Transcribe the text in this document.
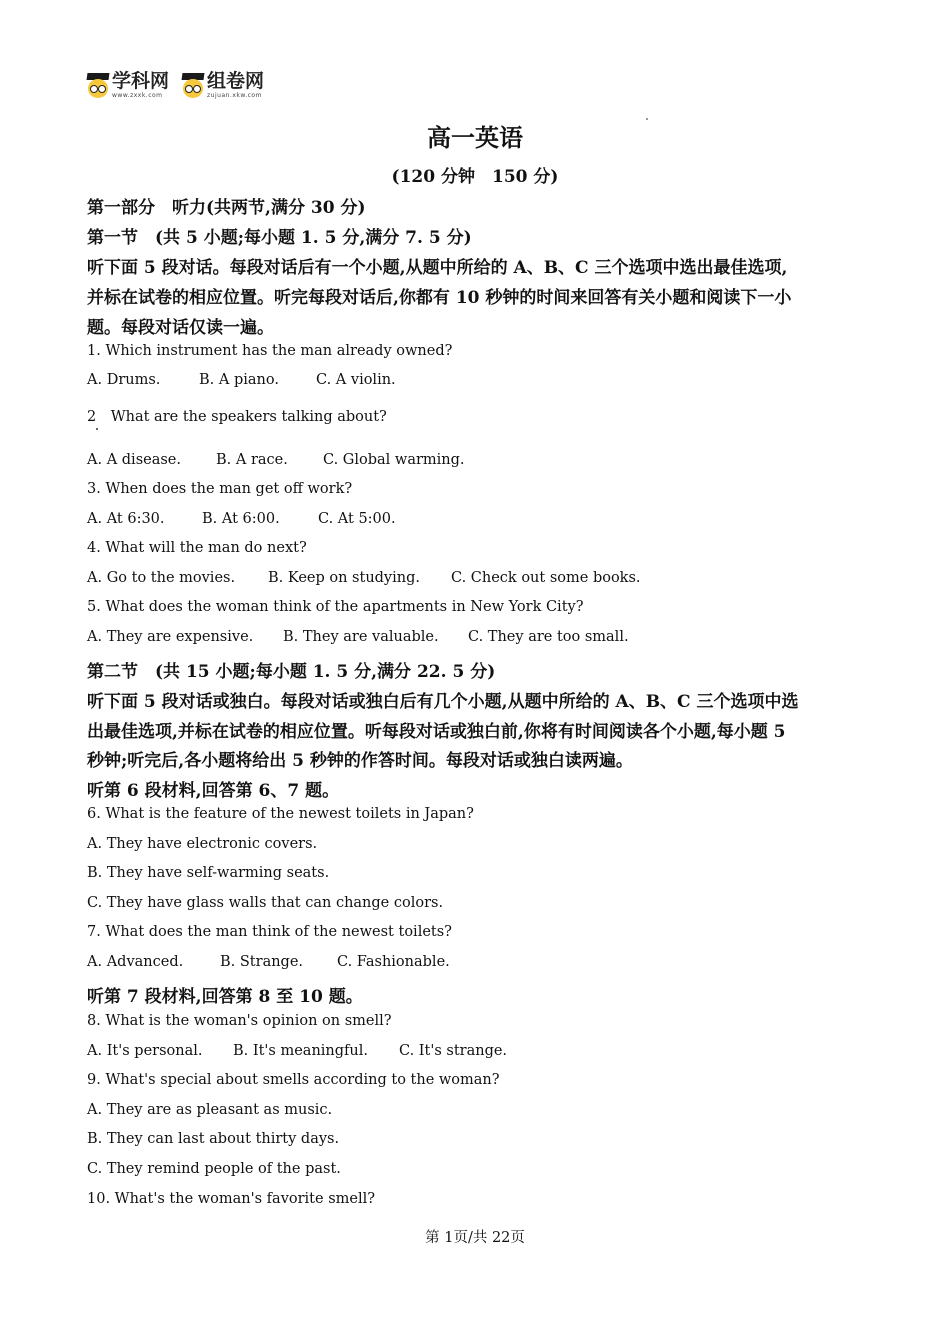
学科网
www.zxxk.com
组卷网
zujuan.xkw.com
高一英语
(120 分钟　150 分)
第一部分　听力(共两节,满分 30 分)
第一节　(共 5 小题;每小题 1. 5 分,满分 7. 5 分)
听下面 5 段对话。每段对话后有一个小题,从题中所给的 A、B、C 三个选项中选出最佳选项,
并标在试卷的相应位置。听完每段对话后,你都有 10 秒钟的时间来回答有关小题和阅读下一小
题。每段对话仅读一遍。
1. Which instrument has the man already owned?
A. Drums.	B. A piano.	C. A violin.
2　What are the speakers talking about?
A. A disease. B. A race. C. Global warming.
3. When does the man get off work?
A. At 6:30.	B. At 6:00.	C. At 5:00.
4. What will the man do next?
A. Go to the movies. B. Keep on studying. C. Check out some books.
5. What does the woman think of the apartments in New York City?
A. They are expensive. B. They are valuable. C. They are too small.
第二节　(共 15 小题;每小题 1. 5 分,满分 22. 5 分)
听下面 5 段对话或独白。每段对话或独白后有几个小题,从题中所给的 A、B、C 三个选项中选
出最佳选项,并标在试卷的相应位置。听每段对话或独白前,你将有时间阅读各个小题,每小题 5
秒钟;听完后,各小题将给出 5 秒钟的作答时间。每段对话或独白读两遍。
听第 6 段材料,回答第 6、7 题。
6. What is the feature of the newest toilets in Japan?
A. They have electronic covers.
B. They have self-warming seats.
C. They have glass walls that can change colors.
7. What does the man think of the newest toilets?
A. Advanced.	B. Strange. C. Fashionable.
听第 7 段材料,回答第 8 至 10 题。
8. What is the woman's opinion on smell?
A. It's personal. B. It's meaningful. C. It's strange.
9. What's special about smells according to the woman?
A. They are as pleasant as music.
B. They can last about thirty days.
C. They remind people of the past.
10. What's the woman's favorite smell?
第 1页/共 22页
